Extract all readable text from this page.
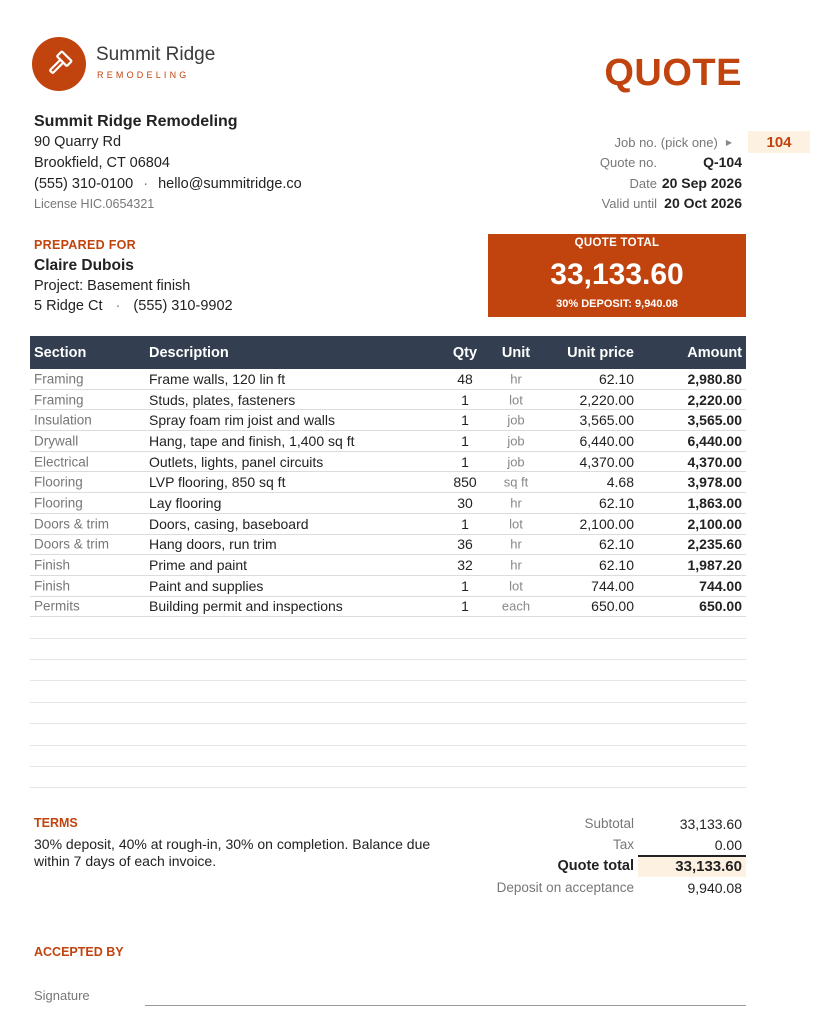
Summit Ridge
REMODELING	QUOTE
Summit Ridge Remodeling
90 Quarry Rd
Brookfield, CT 06804
(555) 310-0100 · hello@summitridge.co
License HIC.0654321
Job no. (pick one) ▶	104
Quote no.	Q-104
Date 20 Sep 2026
Valid until 20 Oct 2026
PREPARED FOR
Claire Dubois
Project: Basement finish
5 Ridge Ct · (555) 310-9902
QUOTE TOTAL
33,133.60
30% DEPOSIT: 9,940.08
Section	Description	Qty	Unit	Unit price	Amount
Framing	Frame walls, 120 lin ft	48	hr	62.10	2,980.80
Framing	Studs, plates, fasteners	1	lot	2,220.00	2,220.00
Insulation	Spray foam rim joist and walls	1	job	3,565.00	3,565.00
Drywall	Hang, tape and finish, 1,400 sq ft	1	job	6,440.00	6,440.00
Electrical	Outlets, lights, panel circuits	1	job	4,370.00	4,370.00
Flooring	LVP flooring, 850 sq ft	850	sq ft	4.68	3,978.00
Flooring	Lay flooring	30	hr	62.10	1,863.00
Doors & trim	Doors, casing, baseboard	1	lot	2,100.00	2,100.00
Doors & trim	Hang doors, run trim	36	hr	62.10	2,235.60
Finish	Prime and paint	32	hr	62.10	1,987.20
Finish	Paint and supplies	1	lot	744.00	744.00
Permits	Building permit and inspections	1	each	650.00	650.00
TERMS
30% deposit, 40% at rough-in, 30% on completion. Balance due within 7 days of each invoice.
Subtotal	33,133.60
Tax	0.00
Quote total	33,133.60
Deposit on acceptance	9,940.08
ACCEPTED BY
Signature
